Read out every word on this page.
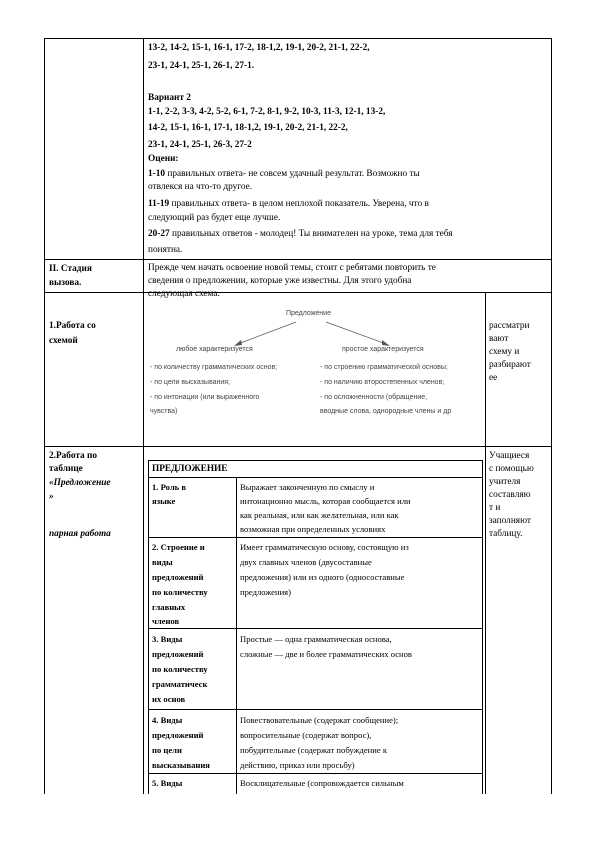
13-2, 14-2, 15-1, 16-1, 17-2, 18-1,2, 19-1, 20-2, 21-1, 22-2,
23-1, 24-1, 25-1, 26-1, 27-1.
Вариант 2
1-1, 2-2, 3-3, 4-2, 5-2, 6-1, 7-2, 8-1, 9-2, 10-3, 11-3, 12-1, 13-2,
14-2, 15-1, 16-1, 17-1, 18-1,2, 19-1, 20-2, 21-1, 22-2,
23-1, 24-1, 25-1, 26-3, 27-2
Оцени:
1-10 правильных ответа- не совсем удачный результат. Возможно ты
отвлекся на что-то другое.
11-19 правильных ответа- в целом неплохой показатель. Уверена, что в
следующий раз будет еще лучше.
20-27 правильных ответов - молодец! Ты внимателен на уроке, тема для тебя
понятна.
II. Стадия
вызова.
Прежде чем начать освоение новой темы, стоит с ребятами повторить те
сведения о предложении, которые уже известны. Для этого удобна
следующая схема.
1.Работа со
схемой
Предложение
любое характеризуется	простое характеризуется
- по количеству грамматических основ;
- по цели высказывания;
- по интонации (или выраженного
чувства)
- по строению грамматической основы;
- по наличию второстепенных членов;
- по осложненности (обращение,
вводные слова, однородные члены и др
рассматри
вают
схему и
разбирают
ее
2.Работа по
таблице
«Предложение
»
парная работа
Учащиеся
с помощью
учителя
составляю
т и
заполняют
таблицу.
ПРЕДЛОЖЕНИЕ
1. Роль в
языке
Выражает законченную по смыслу и
интонационно мысль, которая сообщается или
как реальная, или как желательная, или как
возможная при определенных условиях
2. Строение и
виды
предложений
по количеству
главных
членов
Имеет грамматическую основу, состоящую из
двух главных членов (двусоставные
предложения) или из одного (односоставные
предложения)
3. Виды
предложений
по количеству
грамматическ
их основ
Простые — одна грамматическая основа,
сложные — две и более грамматических основ
4. Виды
предложений
по цели
высказывания
Повествовательные (содержат сообщение);
вопросительные (содержат вопрос),
побудительные (содержат побуждение к
действию, приказ или просьбу)
5. Виды	Восклицательные (сопровождается сильным
